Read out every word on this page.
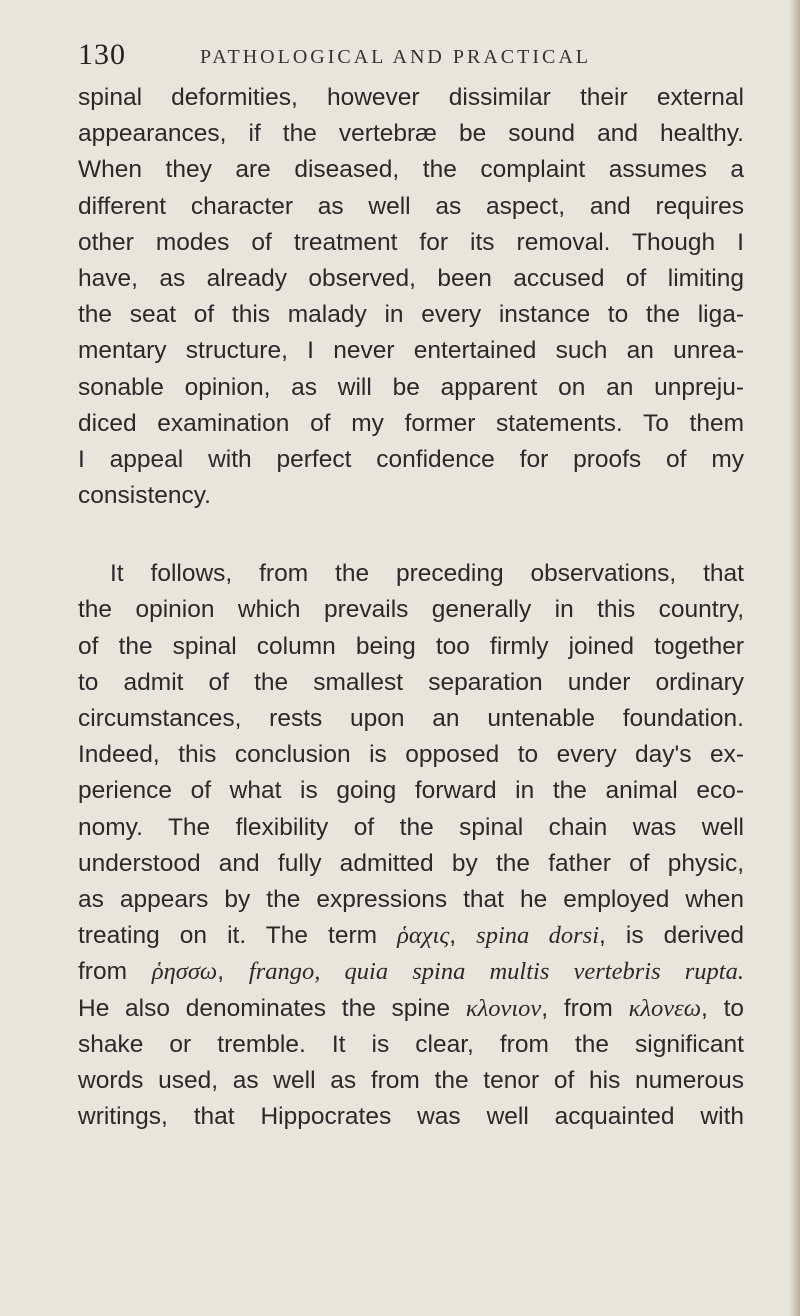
130	PATHOLOGICAL AND PRACTICAL
spinal deformities, however dissimilar their external
appearances, if the vertebræ be sound and healthy.
When they are diseased, the complaint assumes a
different character as well as aspect, and requires
other modes of treatment for its removal. Though I
have, as already observed, been accused of limiting
the seat of this malady in every instance to the liga-
mentary structure, I never entertained such an unrea-
sonable opinion, as will be apparent on an unpreju-
diced examination of my former statements. To them
I appeal with perfect confidence for proofs of my
consistency.
It follows, from the preceding observations, that
the opinion which prevails generally in this country,
of the spinal column being too firmly joined together
to admit of the smallest separation under ordinary
circumstances, rests upon an untenable foundation.
Indeed, this conclusion is opposed to every day's ex-
perience of what is going forward in the animal eco-
nomy. The flexibility of the spinal chain was well
understood and fully admitted by the father of physic,
as appears by the expressions that he employed when
treating on it. The term ῥαχις, spina dorsi, is derived
from ῥησσω, frango, quia spina multis vertebris rupta.
He also denominates the spine κλονιον, from κλονεω, to
shake or tremble. It is clear, from the significant
words used, as well as from the tenor of his numerous
writings, that Hippocrates was well acquainted with
